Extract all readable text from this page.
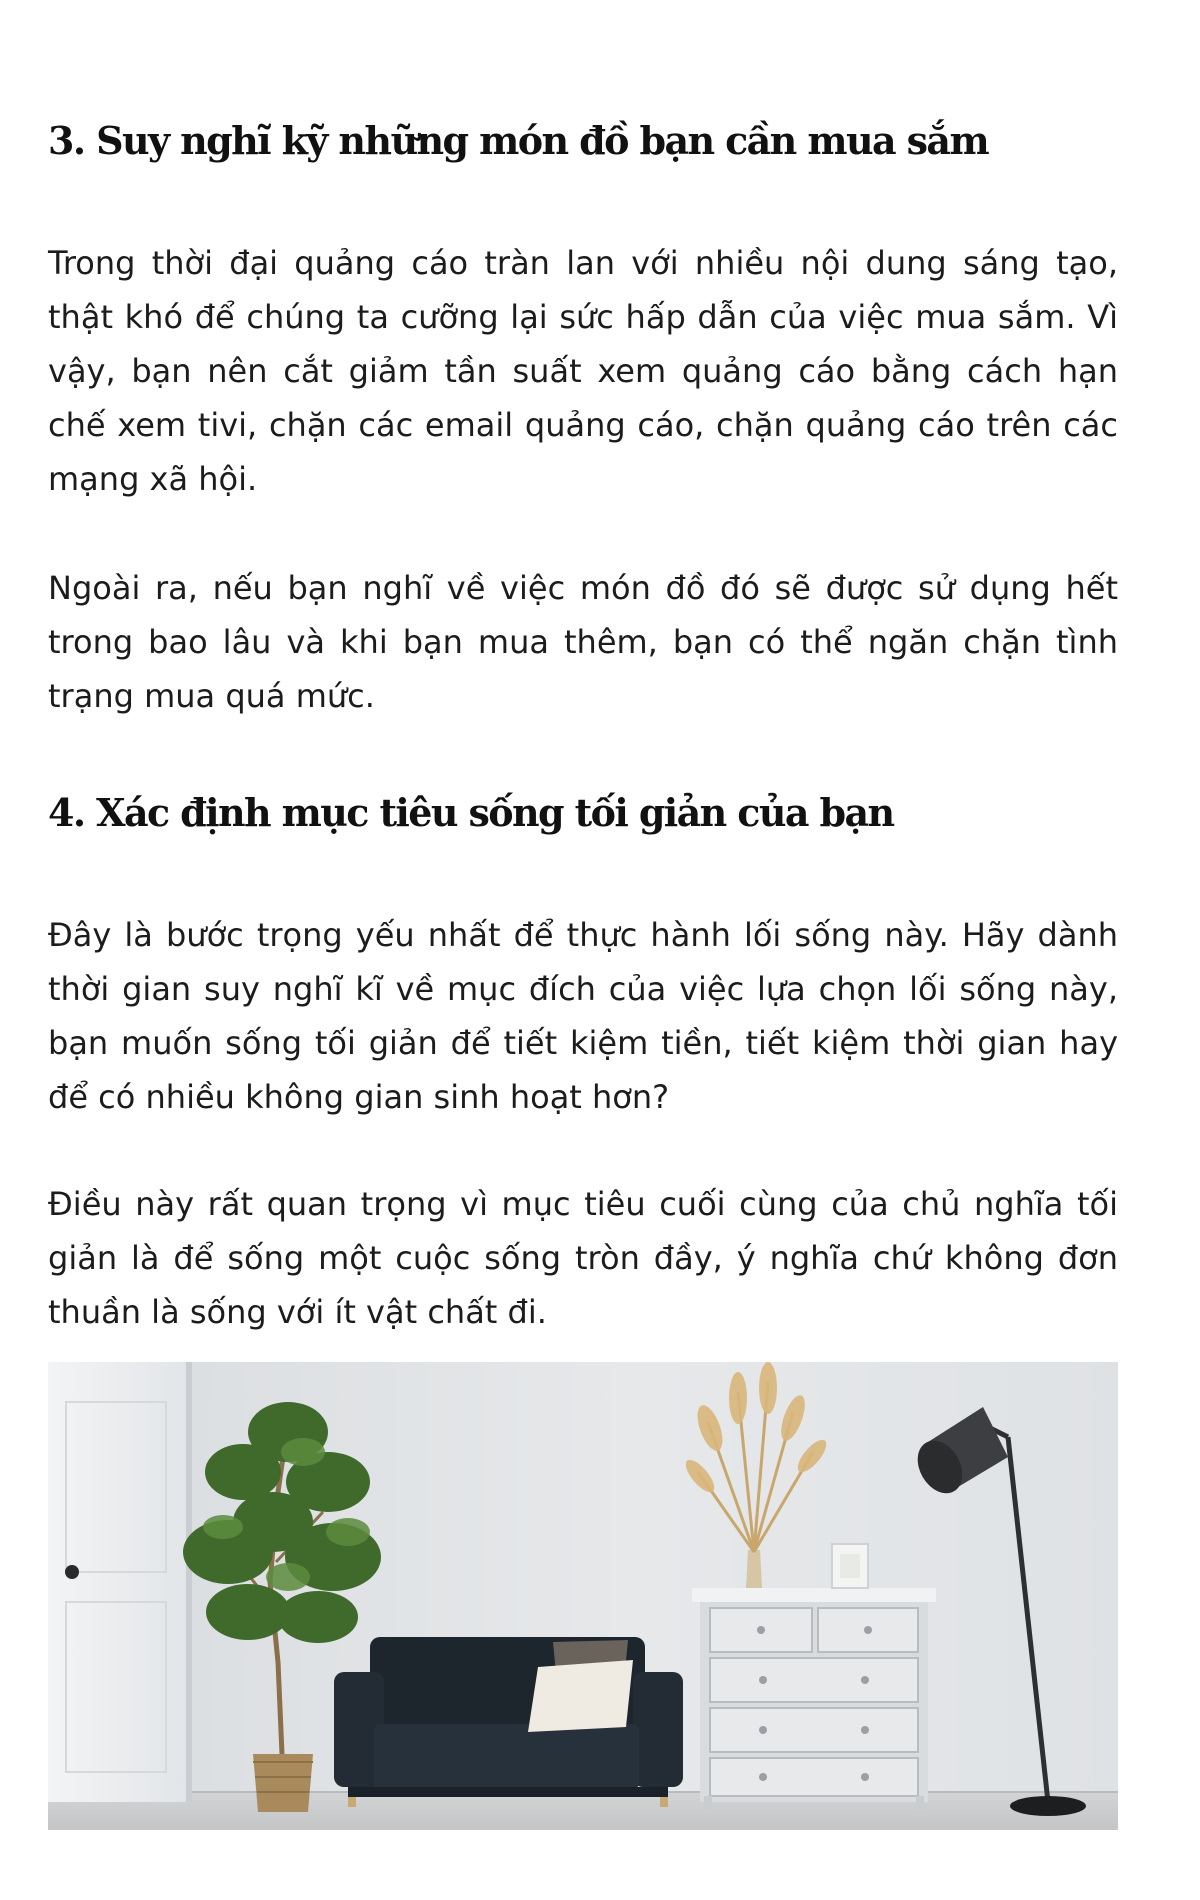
3. Suy nghĩ kỹ những món đồ bạn cần mua sắm

Trong thời đại quảng cáo tràn lan với nhiều nội dung sáng tạo, thật khó để chúng ta cưỡng lại sức hấp dẫn của việc mua sắm. Vì vậy, bạn nên cắt giảm tần suất xem quảng cáo bằng cách hạn chế xem tivi, chặn các email quảng cáo, chặn quảng cáo trên các mạng xã hội.

Ngoài ra, nếu bạn nghĩ về việc món đồ đó sẽ được sử dụng hết trong bao lâu và khi bạn mua thêm, bạn có thể ngăn chặn tình trạng mua quá mức.

4. Xác định mục tiêu sống tối giản của bạn

Đây là bước trọng yếu nhất để thực hành lối sống này. Hãy dành thời gian suy nghĩ kĩ về mục đích của việc lựa chọn lối sống này, bạn muốn sống tối giản để tiết kiệm tiền, tiết kiệm thời gian hay để có nhiều không gian sinh hoạt hơn?

Điều này rất quan trọng vì mục tiêu cuối cùng của chủ nghĩa tối giản là để sống một cuộc sống tròn đầy, ý nghĩa chứ không đơn thuần là sống với ít vật chất đi.
